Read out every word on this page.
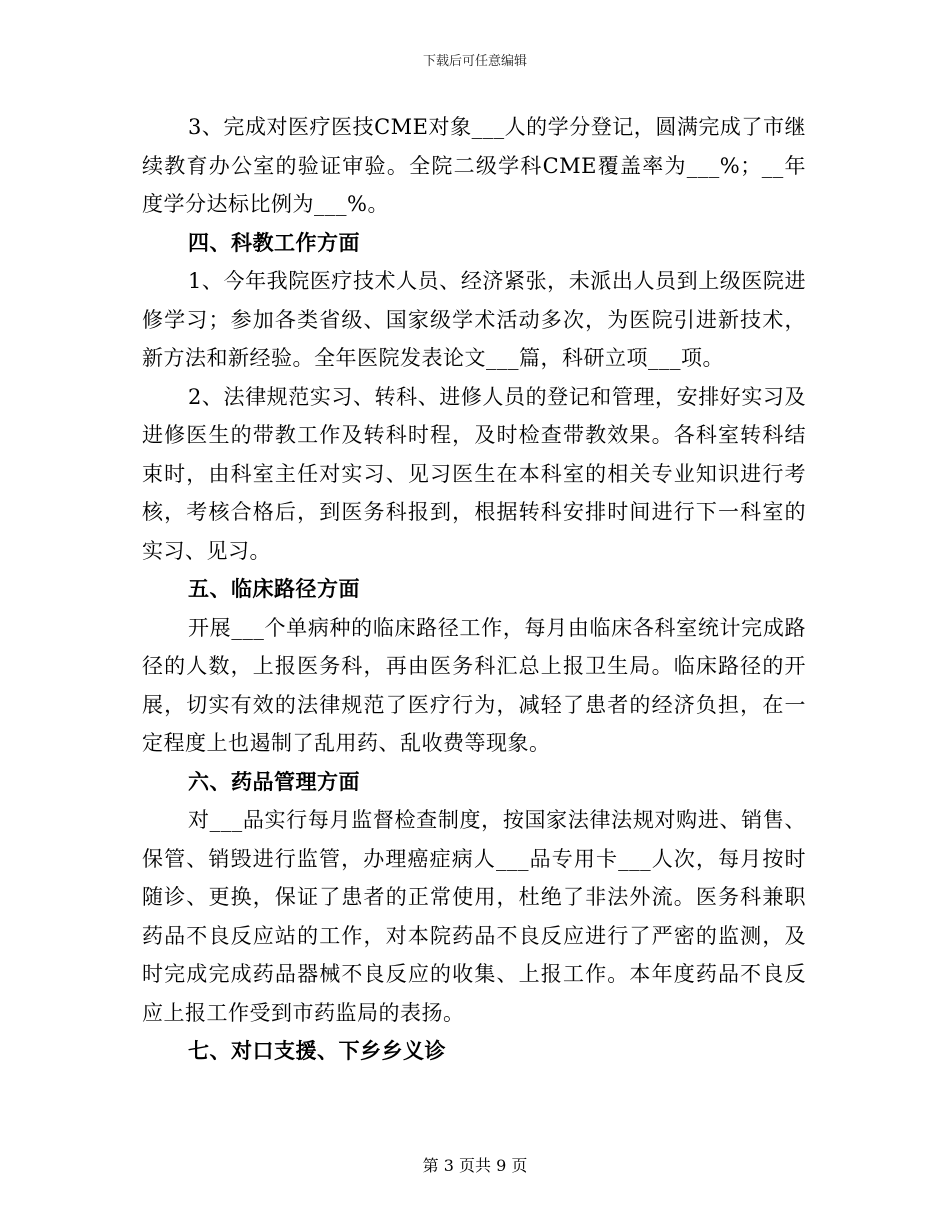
下载后可任意编辑

3、完成对医疗医技CME对象___人的学分登记，圆满完成了市继续教育办公室的验证审验。全院二级学科CME覆盖率为___%；__年度学分达标比例为___%。

四、科教工作方面

1、今年我院医疗技术人员、经济紧张，未派出人员到上级医院进修学习；参加各类省级、国家级学术活动多次，为医院引进新技术，新方法和新经验。全年医院发表论文___篇，科研立项___项。

2、法律规范实习、转科、进修人员的登记和管理，安排好实习及进修医生的带教工作及转科时程，及时检查带教效果。各科室转科结束时，由科室主任对实习、见习医生在本科室的相关专业知识进行考核，考核合格后，到医务科报到，根据转科安排时间进行下一科室的实习、见习。

五、临床路径方面

开展___个单病种的临床路径工作，每月由临床各科室统计完成路径的人数，上报医务科，再由医务科汇总上报卫生局。临床路径的开展，切实有效的法律规范了医疗行为，减轻了患者的经济负担，在一定程度上也遏制了乱用药、乱收费等现象。

六、药品管理方面

对___品实行每月监督检查制度，按国家法律法规对购进、销售、保管、销毁进行监管，办理癌症病人___品专用卡___人次，每月按时随诊、更换，保证了患者的正常使用，杜绝了非法外流。医务科兼职药品不良反应站的工作，对本院药品不良反应进行了严密的监测，及时完成完成药品器械不良反应的收集、上报工作。本年度药品不良反应上报工作受到市药监局的表扬。

七、对口支援、下乡乡义诊

第 3 页共 9 页
